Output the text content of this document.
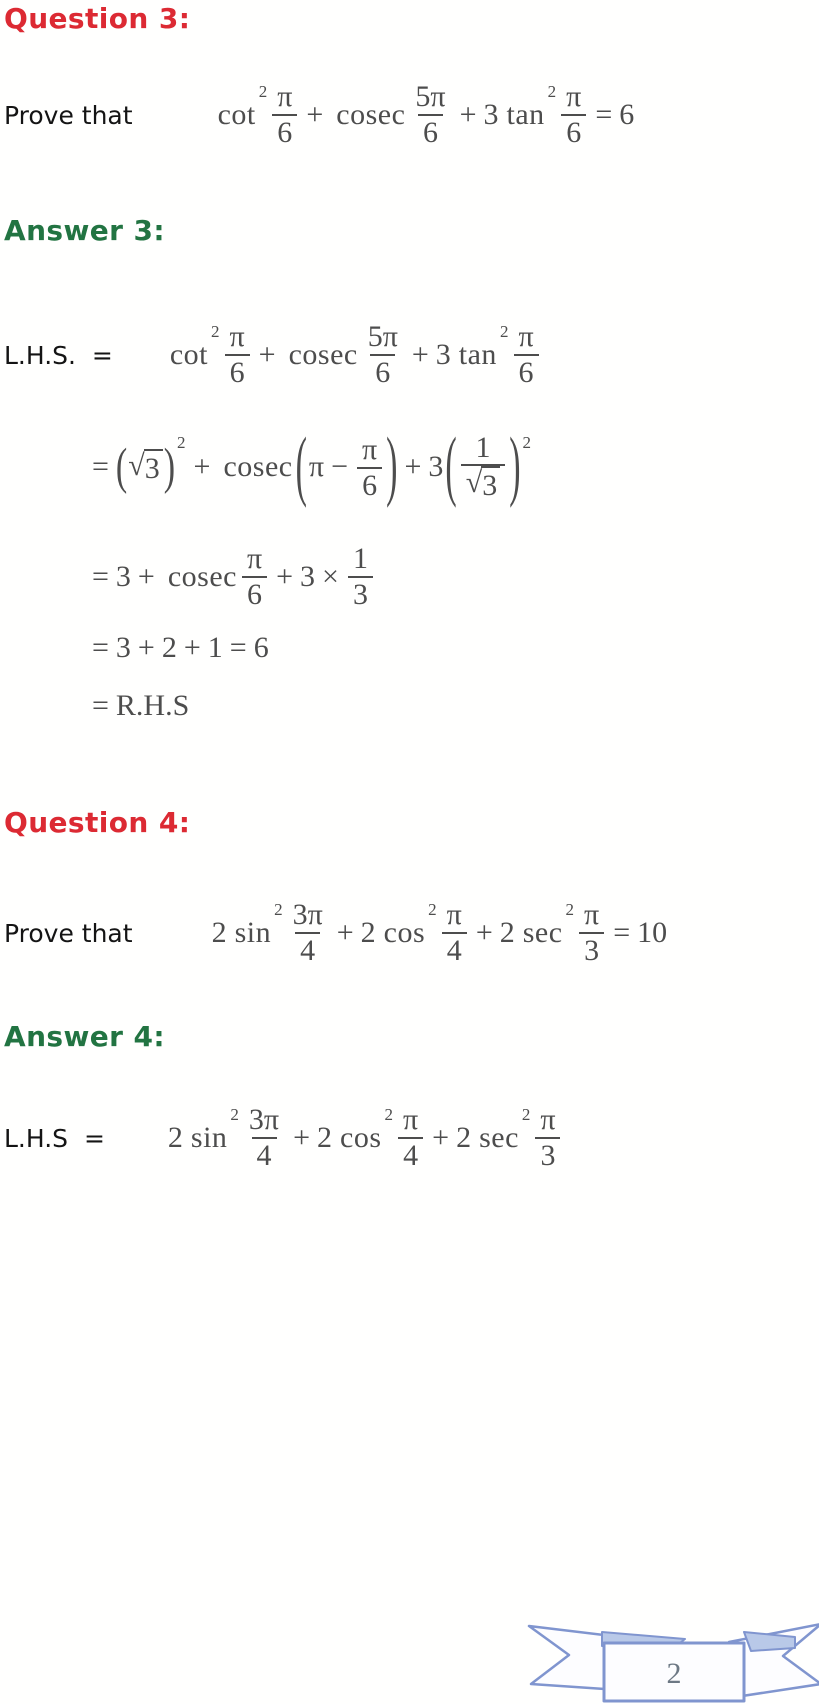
Question 3:
Prove that	cot
$^2 \frac{\pi}{6} + cosec \frac{5\pi}{6} + 3$ tan
$^2 \frac{\pi}{6} = 6$
Answer 3:
L.H.S.  = cot
$^2 \frac{\pi}{6} + cosec \frac{5\pi}{6} + 3$ tan
$^2 \frac{\pi}{6}$
= ( √ 3 )$^2$
+ cosec ( $\pi - \frac{\pi}{6}$ ) + 3 ( $\frac{1}{√ 3} )^2$
= 3 + cosec $\frac{\pi}{6} + 3 \times \frac{1}{3}$
= 3 + 2 + 1 = 6
= R.H.S
Question 4:
Prove that	2 sin
$^2 \frac{3\pi}{4} + 2$ cos
$^2 \frac{\pi}{4} + 2$ sec
$^2 \frac{\pi}{3} = 10$
Answer 4:
L.H.S  = 2 sin
$^2 \frac{3\pi}{4} + 2$ cos
$^2 \frac{\pi}{4} + 2$ sec
$^2 \frac{\pi}{3}$
2
